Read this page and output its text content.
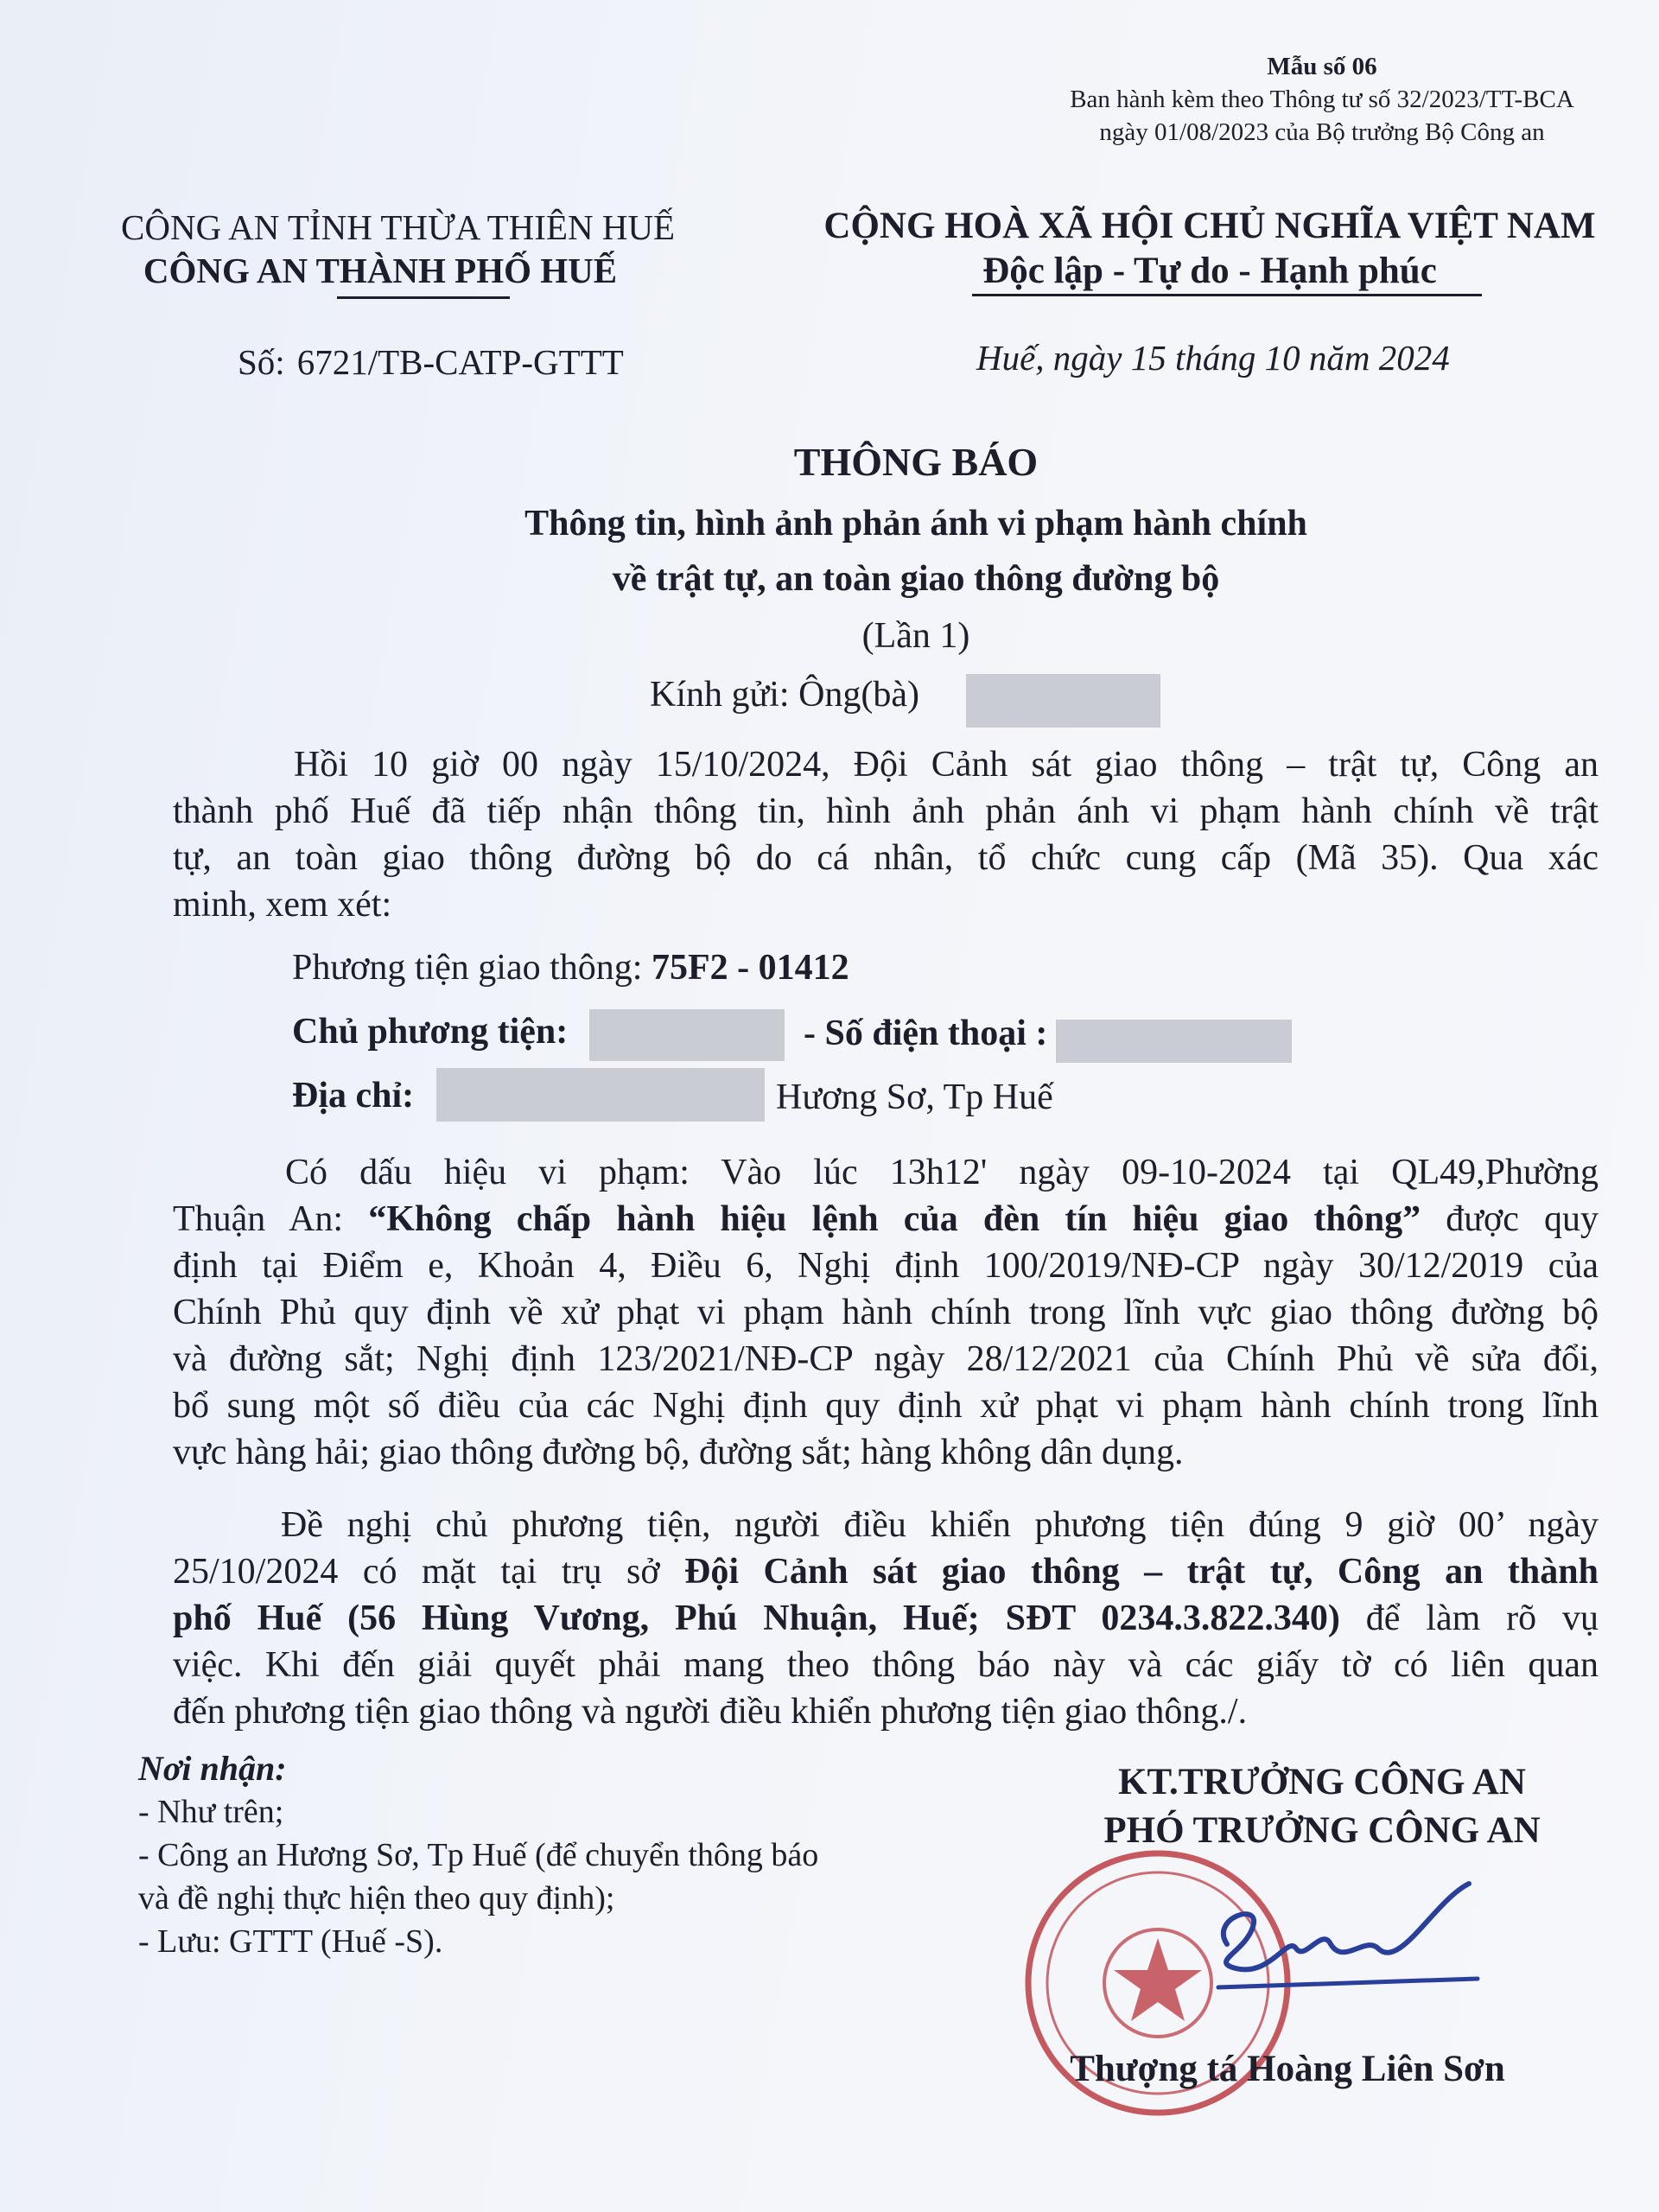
Mẫu số 06
Ban hành kèm theo Thông tư số 32/2023/TT-BCA
ngày 01/08/2023 của Bộ trưởng Bộ Công an
CÔNG AN TỈNH THỪA THIÊN HUẾ
CÔNG AN THÀNH PHỐ HUẾ
CỘNG HOÀ XÃ HỘI CHỦ NGHĨA VIỆT NAM
Độc lập - Tự do - Hạnh phúc
Số: 6721/TB-CATP-GTTT	Huế, ngày 15 tháng 10 năm 2024
THÔNG BÁO
Thông tin, hình ảnh phản ánh vi phạm hành chính
về trật tự, an toàn giao thông đường bộ
(Lần 1)
Kính gửi: Ông(bà)
Hồi 10 giờ 00 ngày 15/10/2024, Đội Cảnh sát giao thông – trật tự, Công an
thành phố Huế đã tiếp nhận thông tin, hình ảnh phản ánh vi phạm hành chính về trật
tự, an toàn giao thông đường bộ do cá nhân, tổ chức cung cấp (Mã 35). Qua xác
minh, xem xét:
Phương tiện giao thông: 75F2 - 01412
Chủ phương tiện:	- Số điện thoại :
Địa chỉ:	Hương Sơ, Tp Huế
Có dấu hiệu vi phạm: Vào lúc 13h12' ngày 09-10-2024 tại QL49,Phường
Thuận An: “Không chấp hành hiệu lệnh của đèn tín hiệu giao thông” được quy
định tại Điểm e, Khoản 4, Điều 6, Nghị định 100/2019/NĐ-CP ngày 30/12/2019 của
Chính Phủ quy định về xử phạt vi phạm hành chính trong lĩnh vực giao thông đường bộ
và đường sắt; Nghị định 123/2021/NĐ-CP ngày 28/12/2021 của Chính Phủ về sửa đổi,
bổ sung một số điều của các Nghị định quy định xử phạt vi phạm hành chính trong lĩnh
vực hàng hải; giao thông đường bộ, đường sắt; hàng không dân dụng.
Đề nghị chủ phương tiện, người điều khiển phương tiện đúng 9 giờ 00’ ngày
25/10/2024 có mặt tại trụ sở Đội Cảnh sát giao thông – trật tự, Công an thành
phố Huế (56 Hùng Vương, Phú Nhuận, Huế; SĐT 0234.3.822.340) để làm rõ vụ
việc. Khi đến giải quyết phải mang theo thông báo này và các giấy tờ có liên quan
đến phương tiện giao thông và người điều khiển phương tiện giao thông./.
Nơi nhận:
- Như trên;
- Công an Hương Sơ, Tp Huế (để chuyển thông báo
và đề nghị thực hiện theo quy định);
- Lưu: GTTT (Huế -S).
KT.TRƯỞNG CÔNG AN
PHÓ TRƯỞNG CÔNG AN
Thượng tá Hoàng Liên Sơn
